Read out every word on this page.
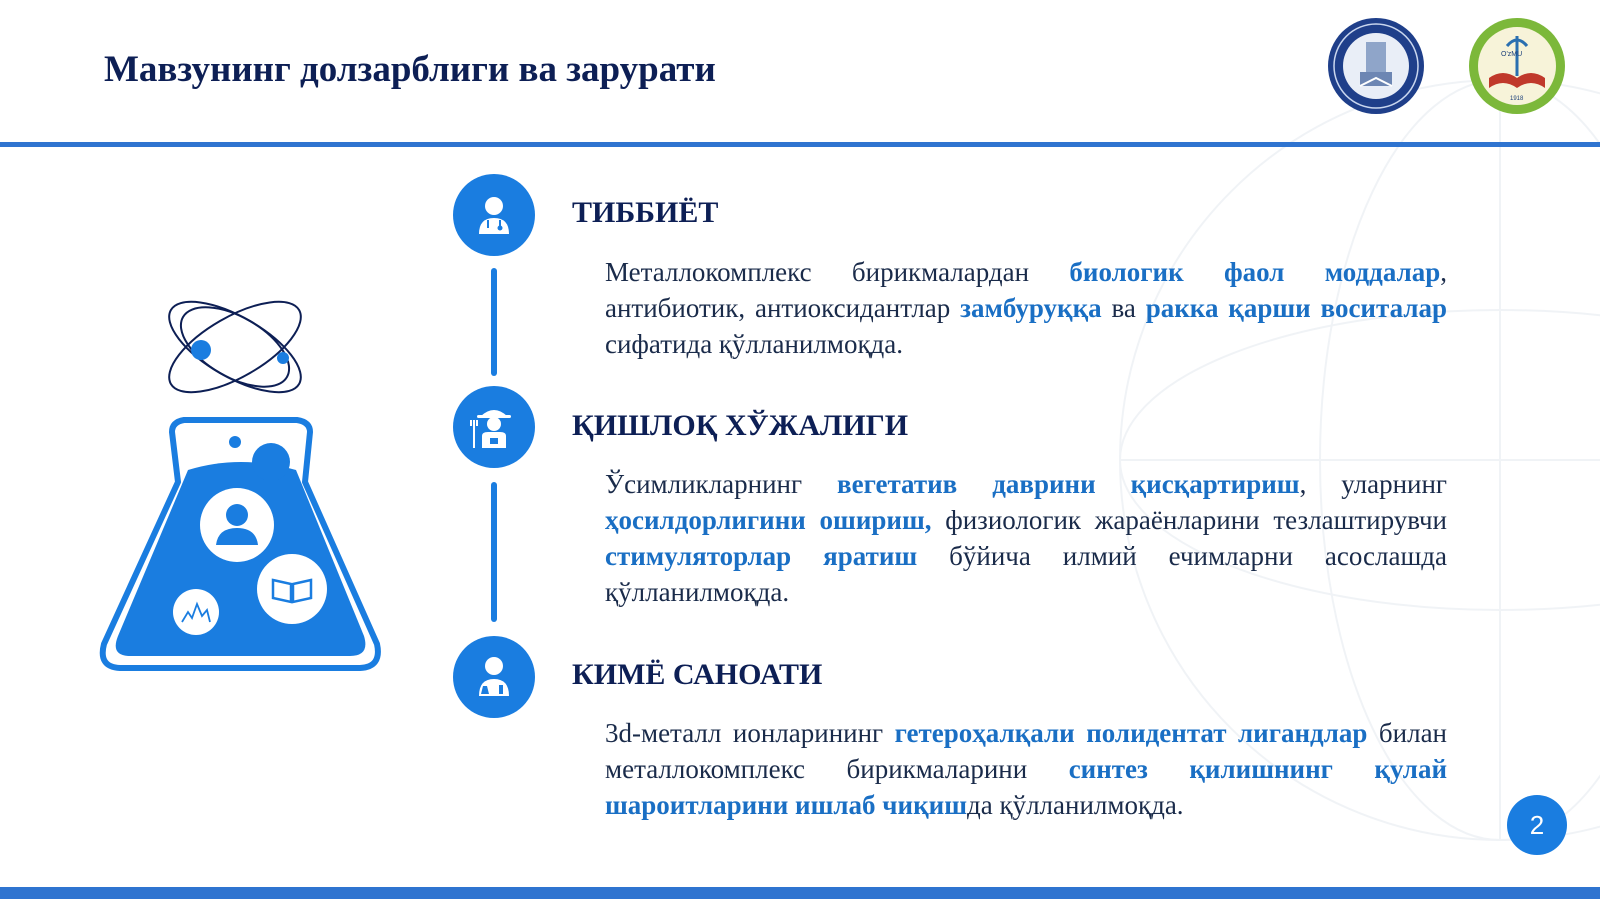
Мавзунинг долзарблиги ва зарурати	O'zMU
1918
ТИББИЁТ

Металлокомплекс бирикмалардан биологик фаол моддалар, антибиотик, антиоксидантлар замбуруққа ва ракка қарши воситалар сифатида қўлланилмоқда.

ҚИШЛОҚ ХЎЖАЛИГИ

Ўсимликларнинг вегетатив даврини қисқартириш, уларнинг ҳосилдорлигини ошириш, физиологик жараёнларини тезлаштирувчи стимуляторлар яратиш бўйича илмий ечимларни асослашда қўлланилмоқда.

КИМЁ САНОАТИ

3d-металл ионларининг гетероҳалқали полидентат лигандлар билан металлокомплекс бирикмаларини синтез қилишнинг қулай шароитларини ишлаб чиқишда қўлланилмоқда.

2
